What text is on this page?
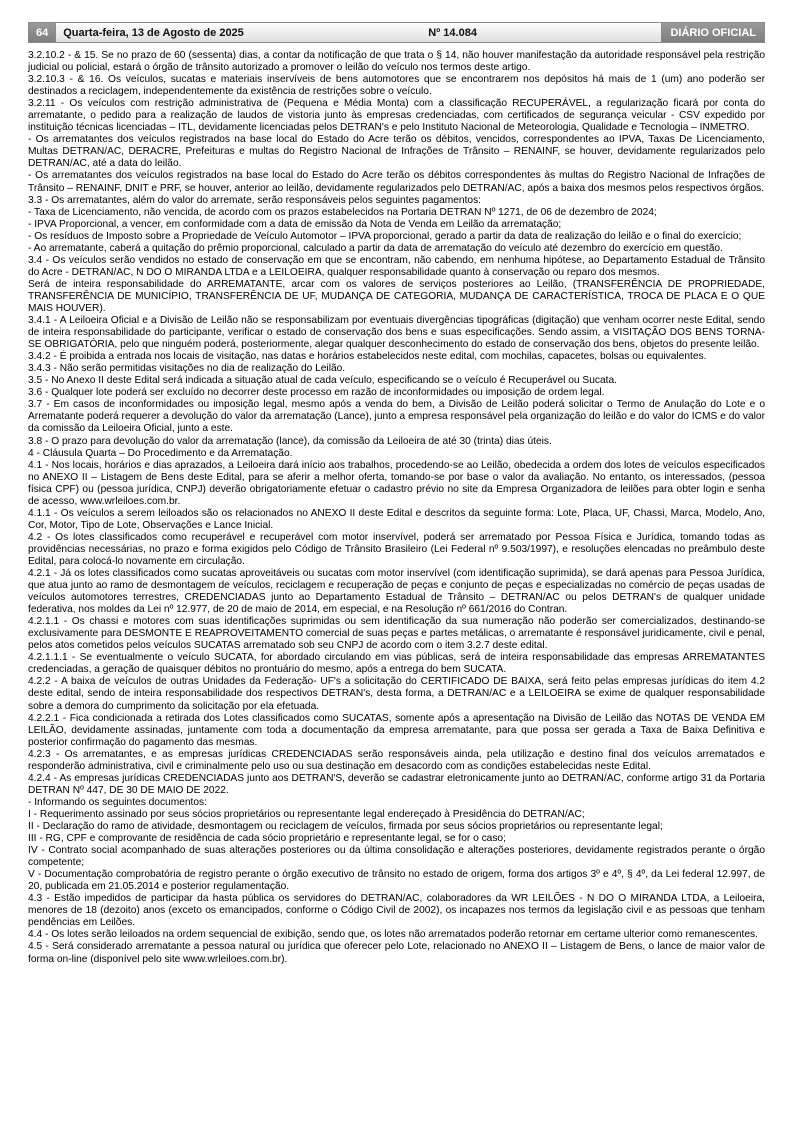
64	Quarta-feira, 13 de Agosto de 2025	Nº 14.084	DIÁRIO OFICIAL

3.2.10.2 - & 15. Se no prazo de 60 (sessenta) dias, a contar da notificação de que trata o § 14, não houver manifestação da autoridade responsável pela restrição judicial ou policial, estará o órgão de trânsito autorizado a promover o leilão do veículo nos termos deste artigo.

3.2.10.3 - & 16. Os veículos, sucatas e materiais inservíveis de bens automotores que se encontrarem nos depósitos há mais de 1 (um) ano poderão ser destinados a reciclagem, independentemente da existência de restrições sobre o veículo.

3.2.11 - Os veículos com restrição administrativa de (Pequena e Média Monta) com a classificação RECUPERÁVEL, a regularização ficará por conta do arrematante, o pedido para a realização de laudos de vistoria junto às empresas credenciadas, com certificados de segurança veicular - CSV expedido por instituição técnicas licenciadas – ITL, devidamente licenciadas pelos DETRAN's e pelo Instituto Nacional de Meteorologia, Qualidade e Tecnologia – INMETRO.

- Os arrematantes dos veículos registrados na base local do Estado do Acre terão os débitos, vencidos, correspondentes ao IPVA, Taxas De Licenciamento, Multas DETRAN/AC, DERACRE, Prefeituras e multas do Registro Nacional de Infrações de Trânsito – RENAINF, se houver, devidamente regularizados pelo DETRAN/AC, até a data do leilão.

- Os arrematantes dos veículos registrados na base local do Estado do Acre terão os débitos correspondentes às multas do Registro Nacional de Infrações de Trânsito – RENAINF, DNIT e PRF, se houver, anterior ao leilão, devidamente regularizados pelo DETRAN/AC, após a baixa dos mesmos pelos respectivos órgãos.

3.3 - Os arrematantes, além do valor do arremate, serão responsáveis pelos seguintes pagamentos:

- Taxa de Licenciamento, não vencida, de acordo com os prazos estabelecidos na Portaria DETRAN Nº 1271, de 06 de dezembro de 2024;

- IPVA Proporcional, a vencer, em conformidade com a data de emissão da Nota de Venda em Leilão da arrematação;

- Os resíduos de Imposto sobre a Propriedade de Veículo Automotor – IPVA proporcional, gerado a partir da data de realização do leilão e o final do exercício;

- Ao arrematante, caberá a quitação do prêmio proporcional, calculado a partir da data de arrematação do veículo até dezembro do exercício em questão.

3.4 - Os veículos serão vendidos no estado de conservação em que se encontram, não cabendo, em nenhuma hipótese, ao Departamento Estadual de Trânsito do Acre - DETRAN/AC, N DO O MIRANDA LTDA e a LEILOEIRA, qualquer responsabilidade quanto à conservação ou reparo dos mesmos.

Será de inteira responsabilidade do ARREMATANTE, arcar com os valores de serviços posteriores ao Leilão, (TRANSFERÊNCIA DE PROPRIEDADE, TRANSFERÊNCIA DE MUNICÍPIO, TRANSFERÊNCIA DE UF, MUDANÇA DE CATEGORIA, MUDANÇA DE CARACTERÍSTICA, TROCA DE PLACA E O QUE MAIS HOUVER).

3.4.1 - A Leiloeira Oficial e a Divisão de Leilão não se responsabilizam por eventuais divergências tipográficas (digitação) que venham ocorrer neste Edital, sendo de inteira responsabilidade do participante, verificar o estado de conservação dos bens e suas especificações. Sendo assim, a VISITAÇÃO DOS BENS TORNA-SE OBRIGATÓRIA, pelo que ninguém poderá, posteriormente, alegar qualquer desconhecimento do estado de conservação dos bens, objetos do presente leilão.

3.4.2 - É proibida a entrada nos locais de visitação, nas datas e horários estabelecidos neste edital, com mochilas, capacetes, bolsas ou equivalentes.

3.4.3 - Não serão permitidas visitações no dia de realização do Leilão.

3.5 - No Anexo II deste Edital será indicada a situação atual de cada veículo, especificando se o veículo é Recuperável ou Sucata.

3.6 - Qualquer lote poderá ser excluído no decorrer deste processo em razão de inconformidades ou imposição de ordem legal.

3.7 - Em casos de inconformidades ou imposição legal, mesmo após a venda do bem, a Divisão de Leilão poderá solicitar o Termo de Anulação do Lote e o Arrematante poderá requerer a devolução do valor da arrematação (Lance), junto a empresa responsável pela organização do leilão e do valor do ICMS e do valor da comissão da Leiloeira Oficial, junto a este.

3.8 - O prazo para devolução do valor da arrematação (lance), da comissão da Leiloeira de até 30 (trinta) dias úteis.

4 - Cláusula Quarta – Do Procedimento e da Arrematação.

4.1 - Nos locais, horários e dias aprazados, a Leiloeira dará início aos trabalhos, procedendo-se ao Leilão, obedecida a ordem dos lotes de veículos especificados no ANEXO II – Listagem de Bens deste Edital, para se aferir a melhor oferta, tomando-se por base o valor da avaliação. No entanto, os interessados, (pessoa física CPF) ou (pessoa jurídica, CNPJ) deverão obrigatoriamente efetuar o cadastro prévio no site da Empresa Organizadora de leilões para obter login e senha de acesso, www.wrleiloes.com.br.

4.1.1 - Os veículos a serem leiloados são os relacionados no ANEXO II deste Edital e descritos da seguinte forma: Lote, Placa, UF, Chassi, Marca, Modelo, Ano, Cor, Motor, Tipo de Lote, Observações e Lance Inicial.

4.2 - Os lotes classificados como recuperável e recuperável com motor inservível, poderá ser arrematado por Pessoa Física e Jurídica, tomando todas as providências necessárias, no prazo e forma exigidos pelo Código de Trânsito Brasileiro (Lei Federal nº 9.503/1997), e resoluções elencadas no preâmbulo deste Edital, para colocá-lo novamente em circulação.

4.2.1 - Já os lotes classificados como sucatas aproveitáveis ou sucatas com motor inservível (com identificação suprimida), se dará apenas para Pessoa Jurídica, que atua junto ao ramo de desmontagem de veículos, reciclagem e recuperação de peças e conjunto de peças e especializadas no comércio de peças usadas de veículos automotores terrestres, CREDENCIADAS junto ao Departamento Estadual de Trânsito – DETRAN/AC ou pelos DETRAN's de qualquer unidade federativa, nos moldes da Lei nº 12.977, de 20 de maio de 2014, em especial, e na Resolução nº 661/2016 do Contran.

4.2.1.1 - Os chassi e motores com suas identificações suprimidas ou sem identificação da sua numeração não poderão ser comercializados, destinando-se exclusivamente para DESMONTE E REAPROVEITAMENTO comercial de suas peças e partes metálicas, o arrematante é responsável juridicamente, civil e penal, pelos atos cometidos pelos veículos SUCATAS arrematado sob seu CNPJ de acordo com o item 3.2.7 deste edital.

4.2.1.1.1 - Se eventualmente o veículo SUCATA, for abordado circulando em vias públicas, será de inteira responsabilidade das empresas ARREMATANTES credenciadas, a geração de quaisquer débitos no prontuário do mesmo, após a entrega do bem SUCATA.

4.2.2 - A baixa de veículos de outras Unidades da Federação- UF's a solicitação do CERTIFICADO DE BAIXA, será feito pelas empresas jurídicas do item 4.2 deste edital, sendo de inteira responsabilidade dos respectivos DETRAN's, desta forma, a DETRAN/AC e a LEILOEIRA se exime de qualquer responsabilidade sobre a demora do cumprimento da solicitação por ela efetuada.

4.2.2.1 - Fica condicionada a retirada dos Lotes classificados como SUCATAS, somente após a apresentação na Divisão de Leilão das NOTAS DE VENDA EM LEILÃO, devidamente assinadas, juntamente com toda a documentação da empresa arrematante, para que possa ser gerada a Taxa de Baixa Definitiva e posterior confirmação do pagamento das mesmas.

4.2.3 - Os arrematantes, e as empresas jurídicas CREDENCIADAS serão responsáveis ainda, pela utilização e destino final dos veículos arrematados e responderão administrativa, civil e criminalmente pelo uso ou sua destinação em desacordo com as condições estabelecidas neste Edital.

4.2.4 - As empresas jurídicas CREDENCIADAS junto aos DETRAN'S, deverão se cadastrar eletronicamente junto ao DETRAN/AC, conforme artigo 31 da Portaria DETRAN Nº 447, DE 30 DE MAIO DE 2022.

- Informando os seguintes documentos:

I - Requerimento assinado por seus sócios proprietários ou representante legal endereçado à Presidência do DETRAN/AC;

II - Declaração do ramo de atividade, desmontagem ou reciclagem de veículos, firmada por seus sócios proprietários ou representante legal;

III - RG, CPF e comprovante de residência de cada sócio proprietário e representante legal, se for o caso;

IV - Contrato social acompanhado de suas alterações posteriores ou da última consolidação e alterações posteriores, devidamente registrados perante o órgão competente;

V - Documentação comprobatória de registro perante o órgão executivo de trânsito no estado de origem, forma dos artigos 3º e 4º, § 4º, da Lei federal 12.997, de 20, publicada em 21.05.2014 e posterior regulamentação.

4.3 - Estão impedidos de participar da hasta pública os servidores do DETRAN/AC, colaboradores da WR LEILÕES - N DO O MIRANDA LTDA, a Leiloeira, menores de 18 (dezoito) anos (exceto os emancipados, conforme o Código Civil de 2002), os incapazes nos termos da legislação civil e as pessoas que tenham pendências em Leilões.

4.4 - Os lotes serão leiloados na ordem sequencial de exibição, sendo que, os lotes não arrematados poderão retornar em certame ulterior como remanescentes.

4.5 - Será considerado arrematante a pessoa natural ou jurídica que oferecer pelo Lote, relacionado no ANEXO II – Listagem de Bens, o lance de maior valor de forma on-line (disponível pelo site www.wrleiloes.com.br).
